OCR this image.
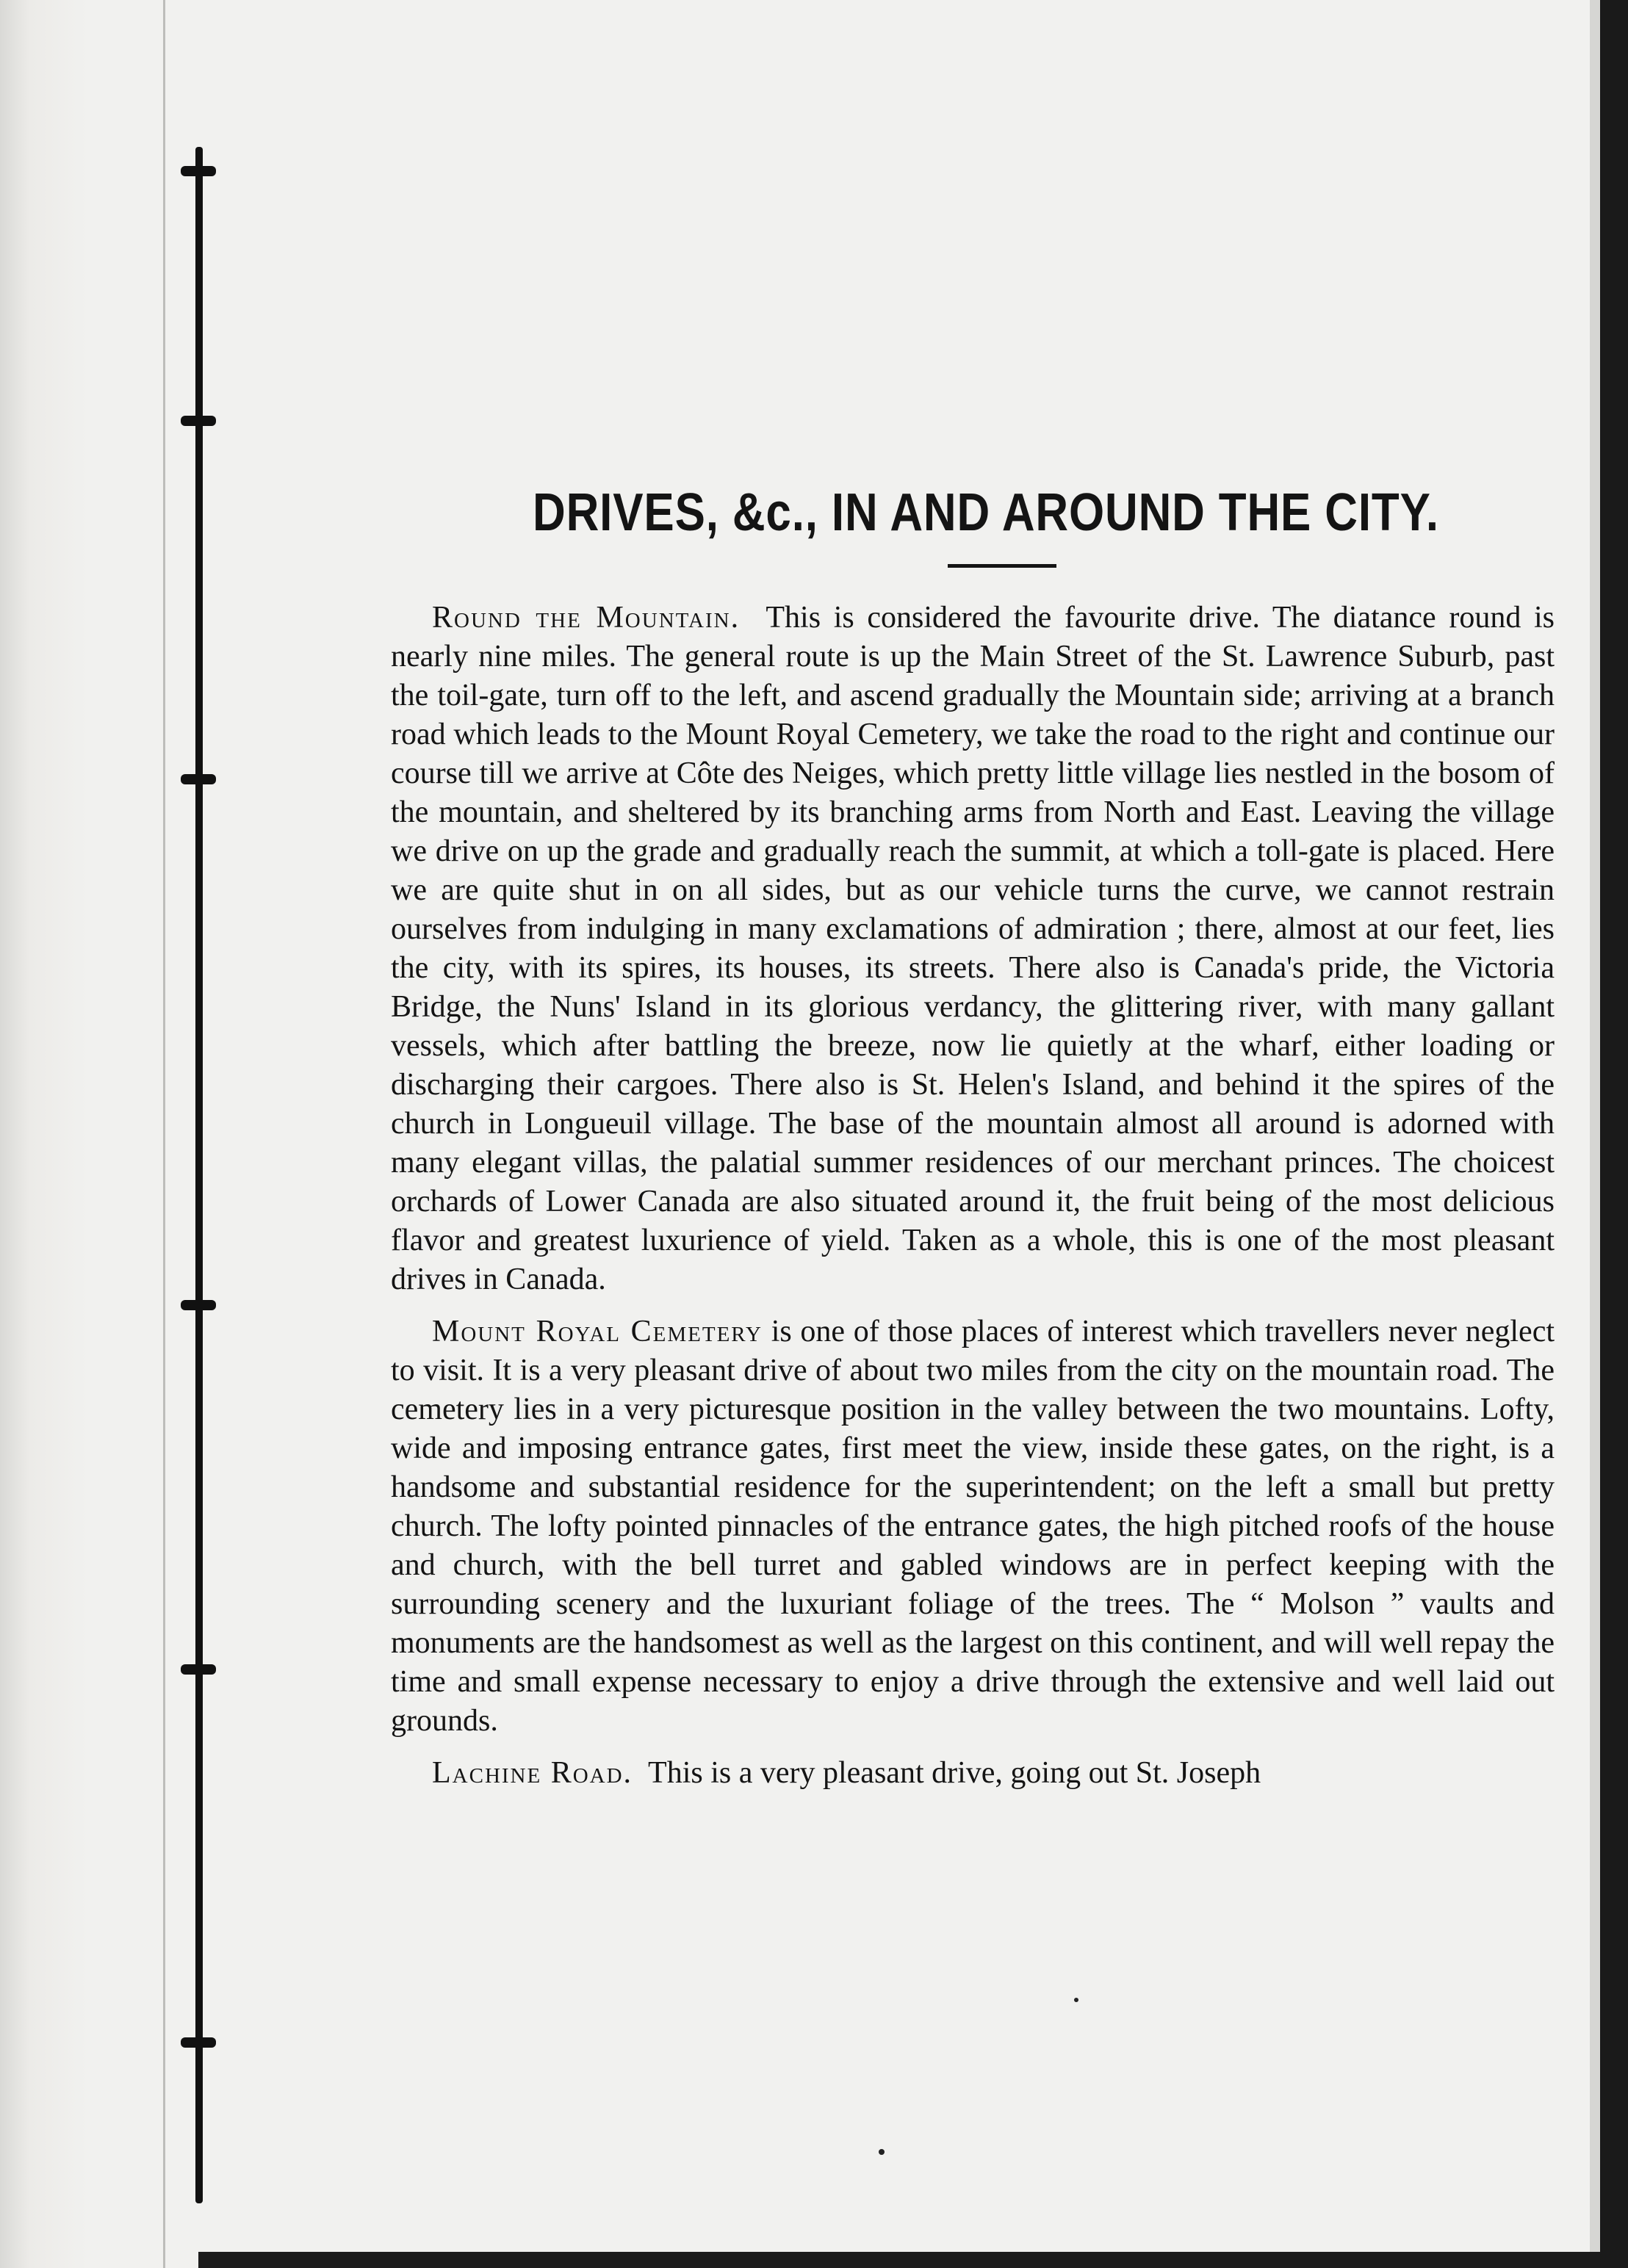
DRIVES, &c., IN AND AROUND THE CITY.

Round the Mountain. This is considered the favourite drive. The diatance round is nearly nine miles. The general route is up the Main Street of the St. Lawrence Suburb, past the toil-gate, turn off to the left, and ascend gradually the Mountain side; arriving at a branch road which leads to the Mount Royal Cemetery, we take the road to the right and continue our course till we arrive at Côte des Neiges, which pretty little village lies nestled in the bosom of the mountain, and sheltered by its branching arms from North and East. Leaving the village we drive on up the grade and gradually reach the summit, at which a toll-gate is placed. Here we are quite shut in on all sides, but as our vehicle turns the curve, we cannot restrain ourselves from indulging in many exclamations of admiration ; there, almost at our feet, lies the city, with its spires, its houses, its streets. There also is Canada's pride, the Victoria Bridge, the Nuns' Island in its glorious verdancy, the glittering river, with many gallant vessels, which after battling the breeze, now lie quietly at the wharf, either loading or discharging their cargoes. There also is St. Helen's Island, and behind it the spires of the church in Longueuil village. The base of the mountain almost all around is adorned with many elegant villas, the palatial summer residences of our merchant princes. The choicest orchards of Lower Canada are also situated around it, the fruit being of the most delicious flavor and greatest luxurience of yield. Taken as a whole, this is one of the most pleasant drives in Canada.

Mount Royal Cemetery is one of those places of interest which travellers never neglect to visit. It is a very pleasant drive of about two miles from the city on the mountain road. The cemetery lies in a very picturesque position in the valley between the two mountains. Lofty, wide and imposing entrance gates, first meet the view, inside these gates, on the right, is a handsome and substantial residence for the superintendent; on the left a small but pretty church. The lofty pointed pinnacles of the entrance gates, the high pitched roofs of the house and church, with the bell turret and gabled windows are in perfect keeping with the surrounding scenery and the luxuriant foliage of the trees. The “ Molson ” vaults and monuments are the handsomest as well as the largest on this continent, and will well repay the time and small expense necessary to enjoy a drive through the extensive and well laid out grounds.

Lachine Road. This is a very pleasant drive, going out St. Joseph
